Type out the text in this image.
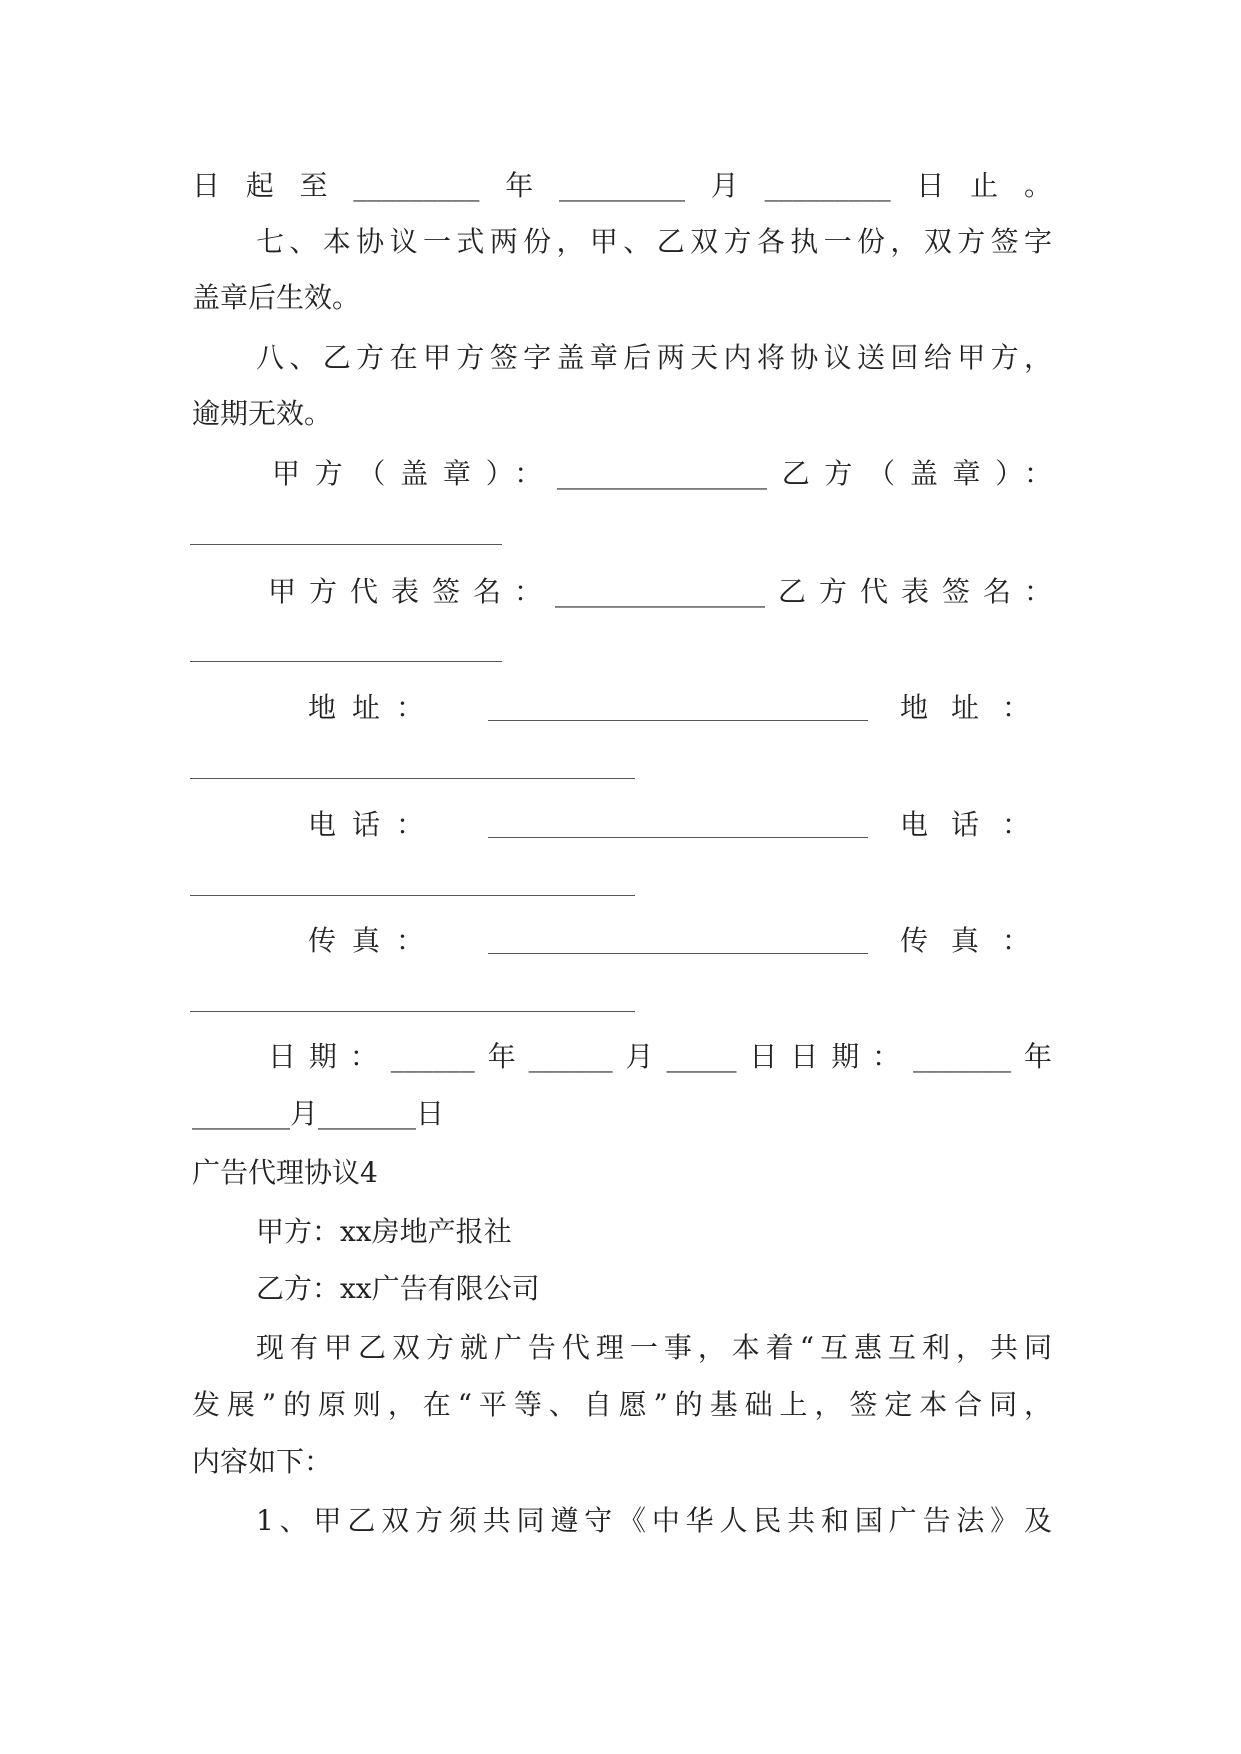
日起至_________年_________月_________日止。
七、本协议一式两份，甲、乙双方各执一份，双方签字
盖章后生效。
八、乙方在甲方签字盖章后两天内将协议送回给甲方，
逾期无效。
甲方（盖章）：_______________乙方（盖章）：
甲方代表签名：_______________乙方代表签名：
地址：	地址：
电话：	电话：
传真：	传真：
日期：______年______月_____日日期：_______年
_______月_______日
广告代理协议4
甲方：xx房地产报社
乙方：xx广告有限公司
现有甲乙双方就广告代理一事，本着“互惠互利，共同
发展”的原则，在“平等、自愿”的基础上，签定本合同，
内容如下：
1、甲乙双方须共同遵守《中华人民共和国广告法》及
